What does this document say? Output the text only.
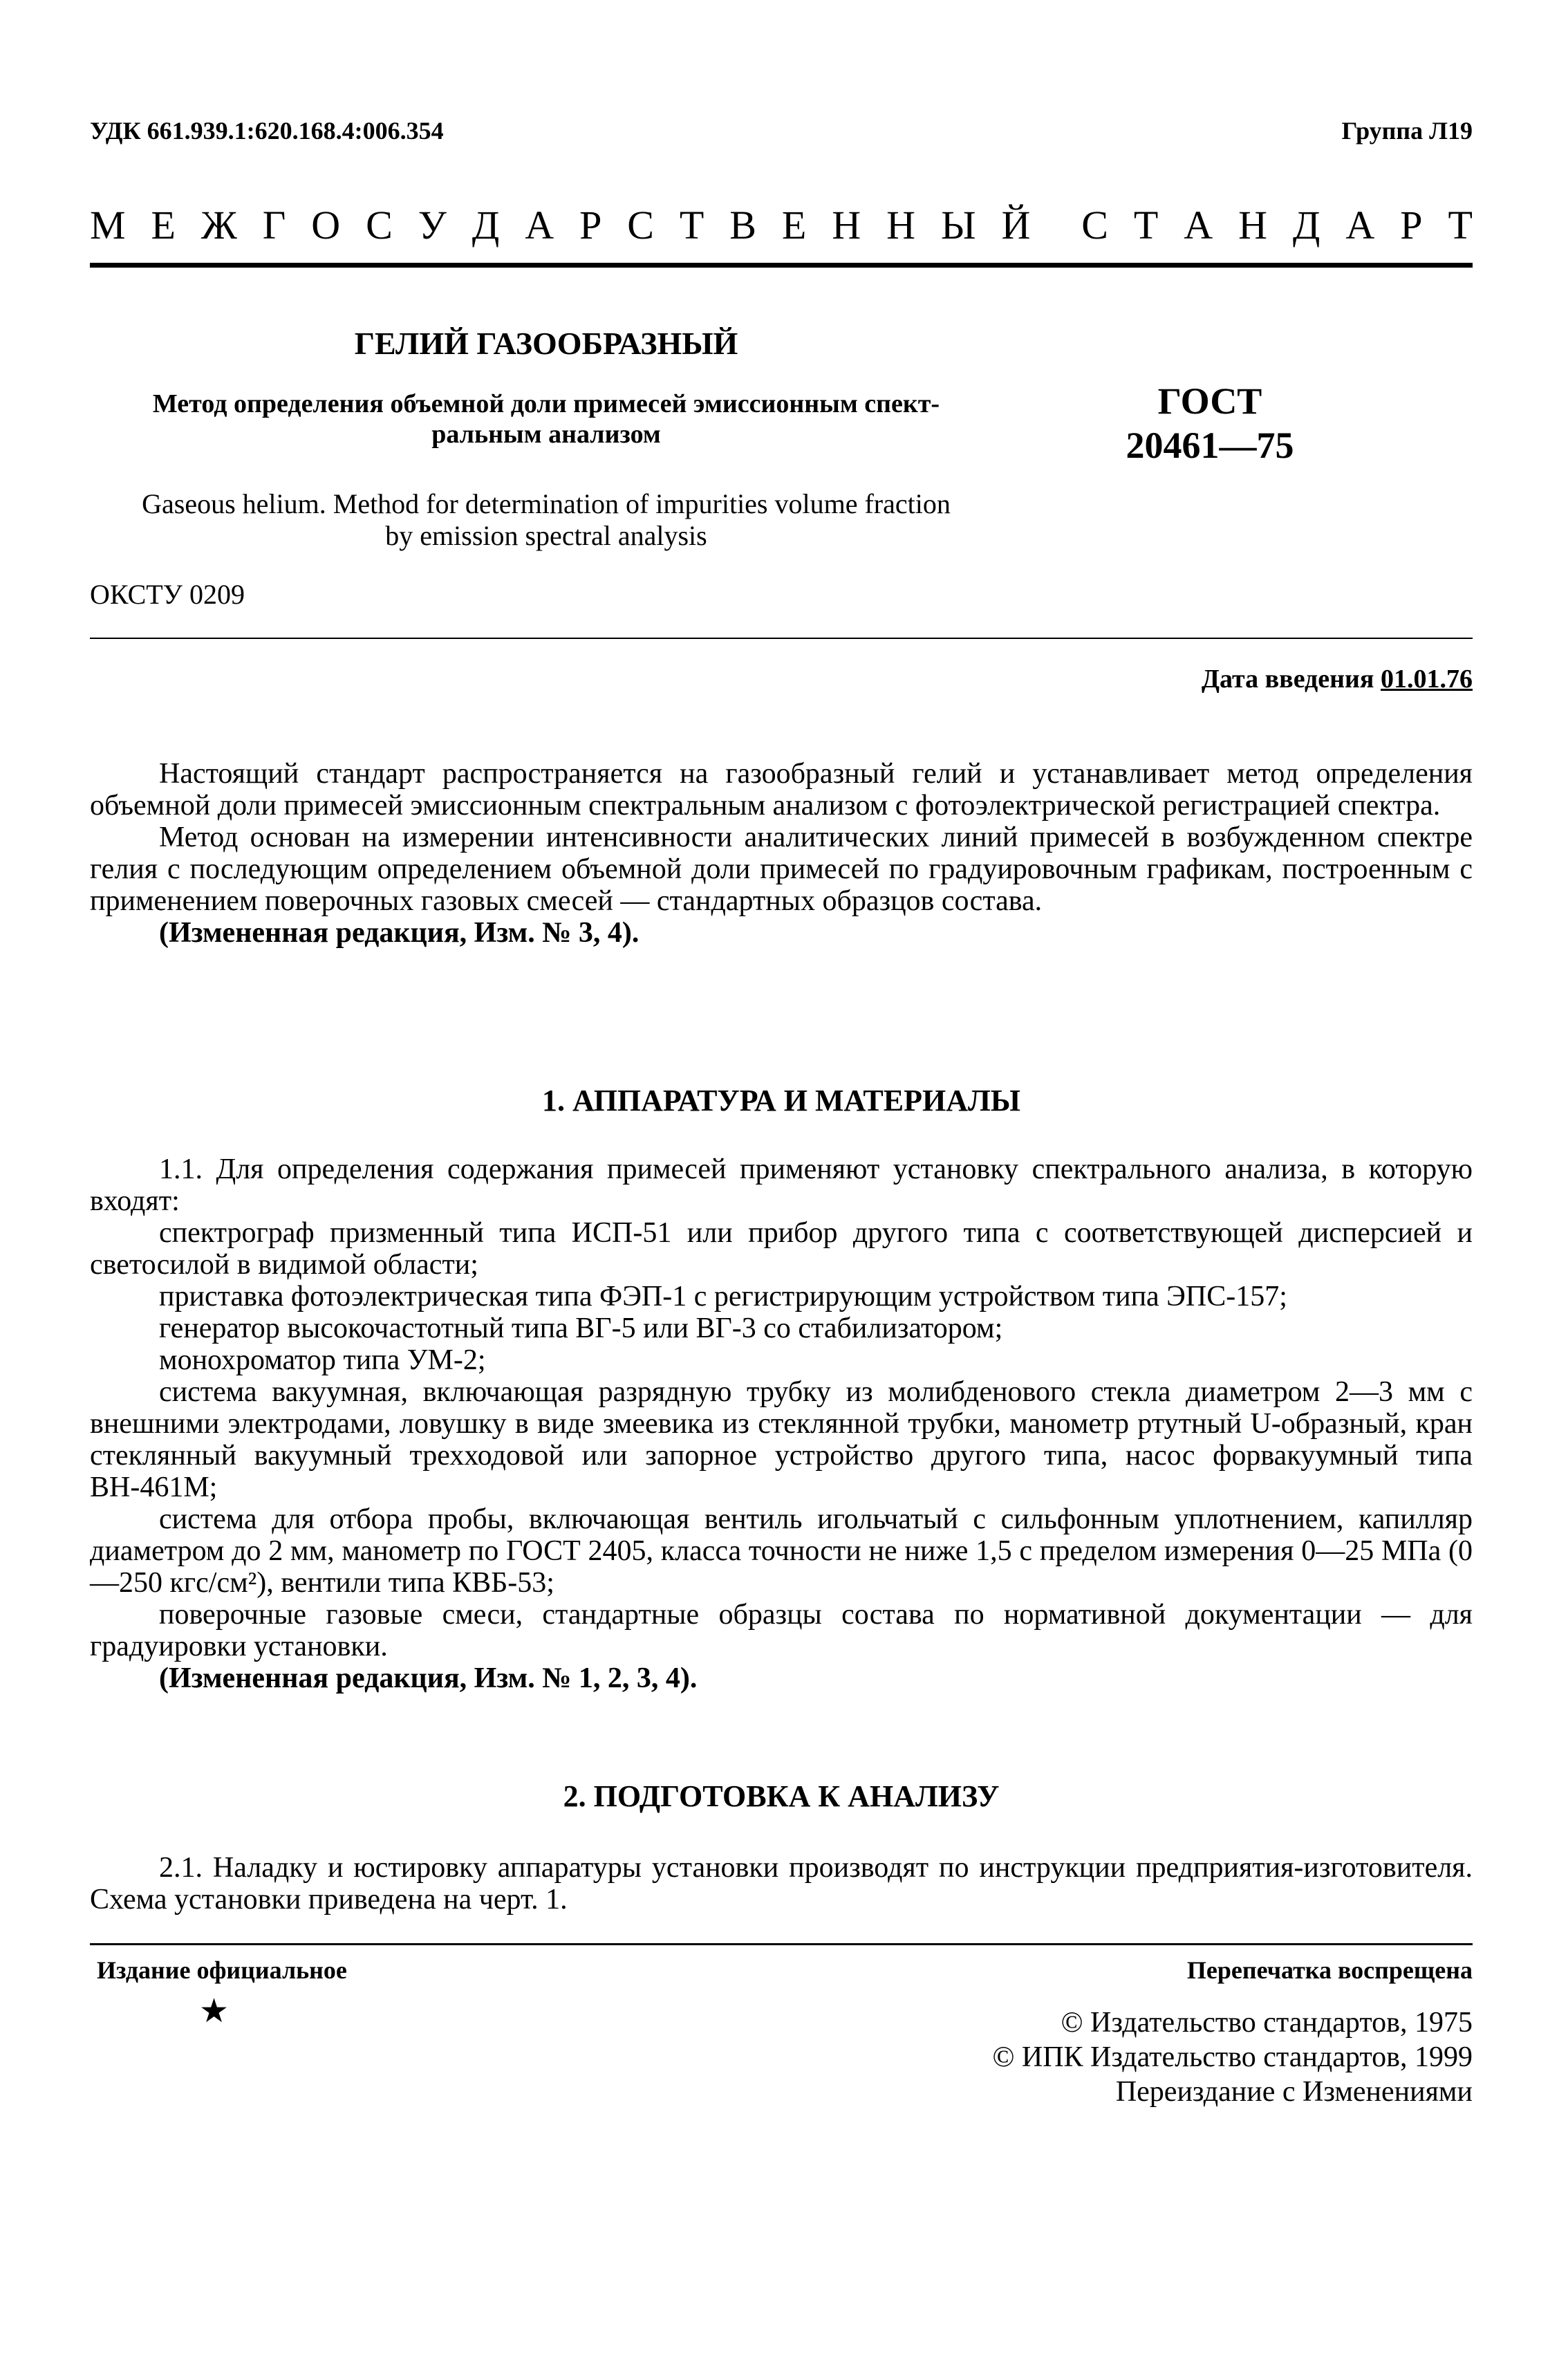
УДК 661.939.1:620.168.4:006.354	Группа Л19
М Е Ж Г О С У Д А Р С Т В Е Н Н Ы Й С Т А Н Д А Р Т
ГЕЛИЙ ГАЗООБРАЗНЫЙ
Метод определения объемной доли примесей эмиссионным спект-
ральным анализом
ГОСТ
20461—75
Gaseous helium. Method for determination of impurities volume fraction
by emission spectral analysis
ОКСТУ 0209
Дата введения 01.01.76

Настоящий стандарт распространяется на газообразный гелий и устанавливает метод определения объемной доли примесей эмиссионным спектральным анализом с фотоэлектрической регистрацией спектра.

Метод основан на измерении интенсивности аналитических линий примесей в возбужденном спектре гелия с последующим определением объемной доли примесей по градуировочным графикам, построенным с применением поверочных газовых смесей — стандартных образцов состава.

(Измененная редакция, Изм. № 3, 4).

1. АППАРАТУРА И МАТЕРИАЛЫ
1.1. Для определения содержания примесей применяют установку спектрального анализа, в которую входят:
спектрограф призменный типа ИСП-51 или прибор другого типа с соответствующей дисперсией и светосилой в видимой области;
приставка фотоэлектрическая типа ФЭП-1 с регистрирующим устройством типа ЭПС-157;
генератор высокочастотный типа ВГ-5 или ВГ-3 со стабилизатором;
монохроматор типа УМ-2;
система вакуумная, включающая разрядную трубку из молибденового стекла диаметром 2—3 мм с внешними электродами, ловушку в виде змеевика из стеклянной трубки, манометр ртутный U-образный, кран стеклянный вакуумный трехходовой или запорное устройство другого типа, насос форвакуумный типа ВН-461М;
система для отбора пробы, включающая вентиль игольчатый с сильфонным уплотнением, капилляр диаметром до 2 мм, манометр по ГОСТ 2405, класса точности не ниже 1,5 с пределом измерения 0—25 МПа (0—250 кгс/см²), вентили типа КВБ-53;
поверочные газовые смеси, стандартные образцы состава по нормативной документации — для градуировки установки.
(Измененная редакция, Изм. № 1, 2, 3, 4).
2. ПОДГОТОВКА К АНАЛИЗУ
2.1. Наладку и юстировку аппаратуры установки производят по инструкции предприятия-изготовителя. Схема установки приведена на черт. 1.
Издание официальное	Перепечатка воспрещена
★	© Издательство стандартов, 1975
© ИПК Издательство стандартов, 1999
Переиздание с Изменениями
